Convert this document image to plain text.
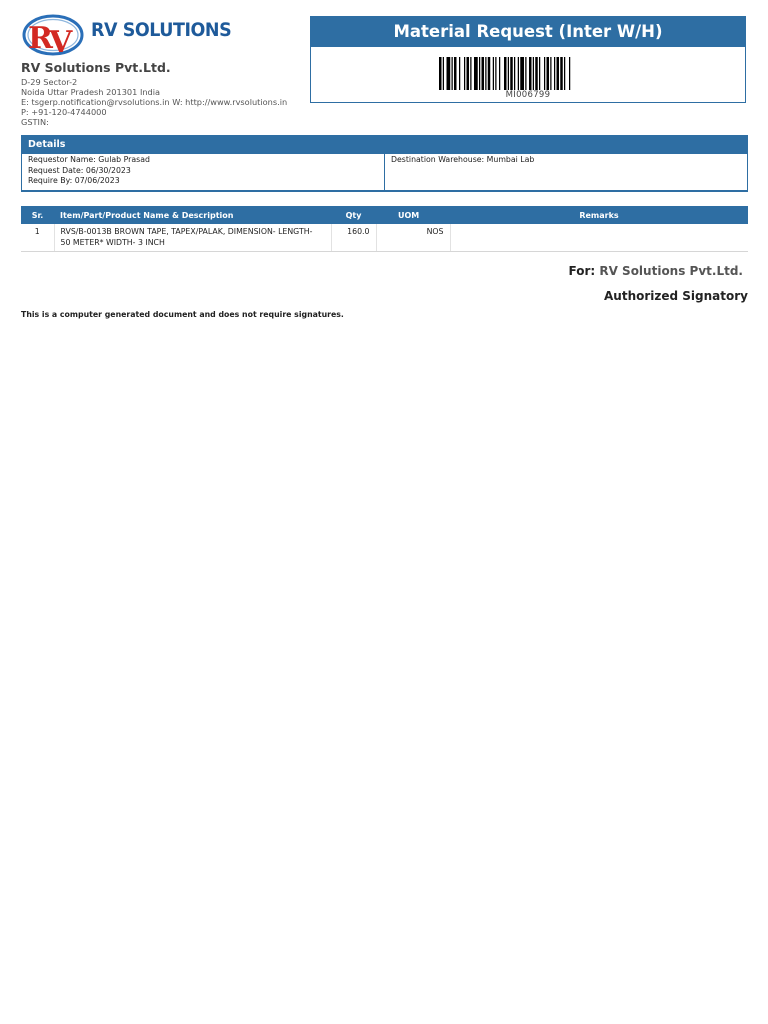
R
V RV SOLUTIONS
RV Solutions Pvt.Ltd.
D-29 Sector-2
Noida Uttar Pradesh 201301 India
E: tsgerp.notification@rvsolutions.in W: http://www.rvsolutions.in
P: +91-120-4744000
GSTIN:
Material Request (Inter W/H)
MI006799
Details
Requestor Name: Gulab Prasad
Request Date: 06/30/2023
Require By: 07/06/2023
Destination Warehouse: Mumbai Lab
Sr.	Item/Part/Product Name & Description	Qty	UOM	Remarks
1	RVS/B-0013B BROWN TAPE, TAPEX/PALAK, DIMENSION- LENGTH- 50 METER* WIDTH- 3 INCH	160.0	NOS	
For: RV Solutions Pvt.Ltd.
Authorized Signatory
This is a computer generated document and does not require signatures.
